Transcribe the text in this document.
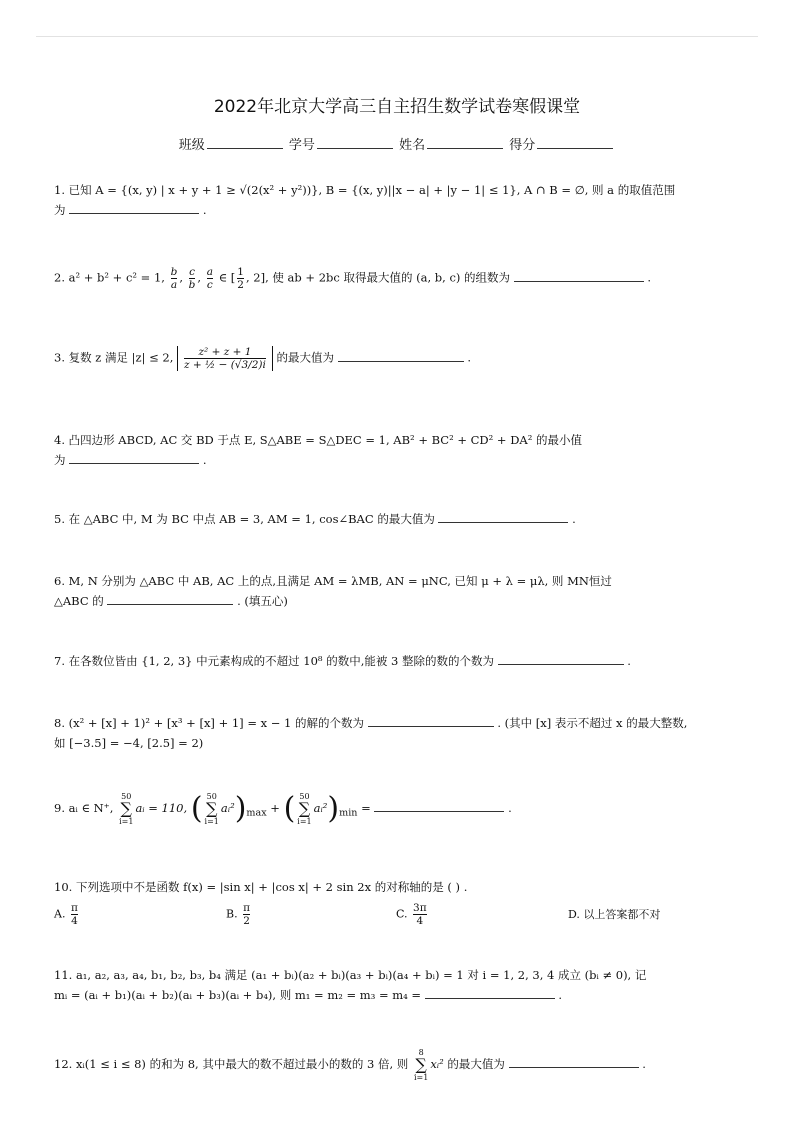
2022年北京大学高三自主招生数学试卷寒假课堂
班级	学号	姓名	得分
1. 已知 A = {(x, y) | x + y + 1 ≥ √(2(x² + y²))}, B = {(x, y)||x − a| + |y − 1| ≤ 1}, A ∩ B = ∅, 则 a 的取值范围
为	.
2. a² + b² + c² = 1, $\frac{b}{a}$ , $\frac{c}{b}$ , $\frac{a}{c}$ ∈ [ $\frac{1}{2}$ , 2], 使 ab + 2bc 取得最大值的 (a, b, c) 的组数为	.
3. 复数 z 满足 |z| ≤ 2, $\frac{\text{z² + z + 1}}{\text{z + ½ − (√3/2)i}}$ 的最大值为	.
4. 凸四边形 ABCD, AC 交 BD 于点 E, S△ABE = S△DEC = 1, AB² + BC² + CD² + DA² 的最小值
为	.
5. 在 △ABC 中, M 为 BC 中点 AB = 3, AM = 1, cos∠BAC 的最大值为	.
6. M, N 分别为 △ABC 中 AB, AC 上的点,且满足 AM = λMB, AN = μNC, 已知 μ + λ = μλ, 则 MN恒过
△ABC 的	. (填五心)
7. 在各数位皆由 {1, 2, 3} 中元素构成的不超过 10⁸ 的数中,能被 3 整除的数的个数为	.
8. (x² + [x] + 1)² + [x³ + [x] + 1] = x − 1 的解的个数为	. (其中 [x] 表示不超过 x 的最大整数,
如 [−3.5] = −4, [2.5] = 2)
9. aᵢ ∈ N⁺,
50
∑
i=1
aᵢ = 110, ( 50
∑
i=1
$aᵢ^2)_{max}$ + ( 50
∑
i=1
$aᵢ^2)_{min}$ =	.
10. 下列选项中不是函数 f(x) = |sin x| + |cos x| + 2 sin 2x 的对称轴的是 ( ) .
A. $\frac{\pi}{4}$	B. $\frac{\pi}{2}$	C. $\frac{3\pi}{4}$	D. 以上答案都不对
11. a₁, a₂, a₃, a₄, b₁, b₂, b₃, b₄ 满足 (a₁ + bᵢ)(a₂ + bᵢ)(a₃ + bᵢ)(a₄ + bᵢ) = 1 对 i = 1, 2, 3, 4 成立 (bᵢ ≠ 0), 记
mᵢ = (aᵢ + b₁)(aᵢ + b₂)(aᵢ + b₃)(aᵢ + b₄), 则 m₁ = m₂ = m₃ = m₄ =	.
12. xᵢ(1 ≤ i ≤ 8) 的和为 8, 其中最大的数不超过最小的数的 3 倍, 则
8
∑
i=1
xᵢ² 的最大值为	.
